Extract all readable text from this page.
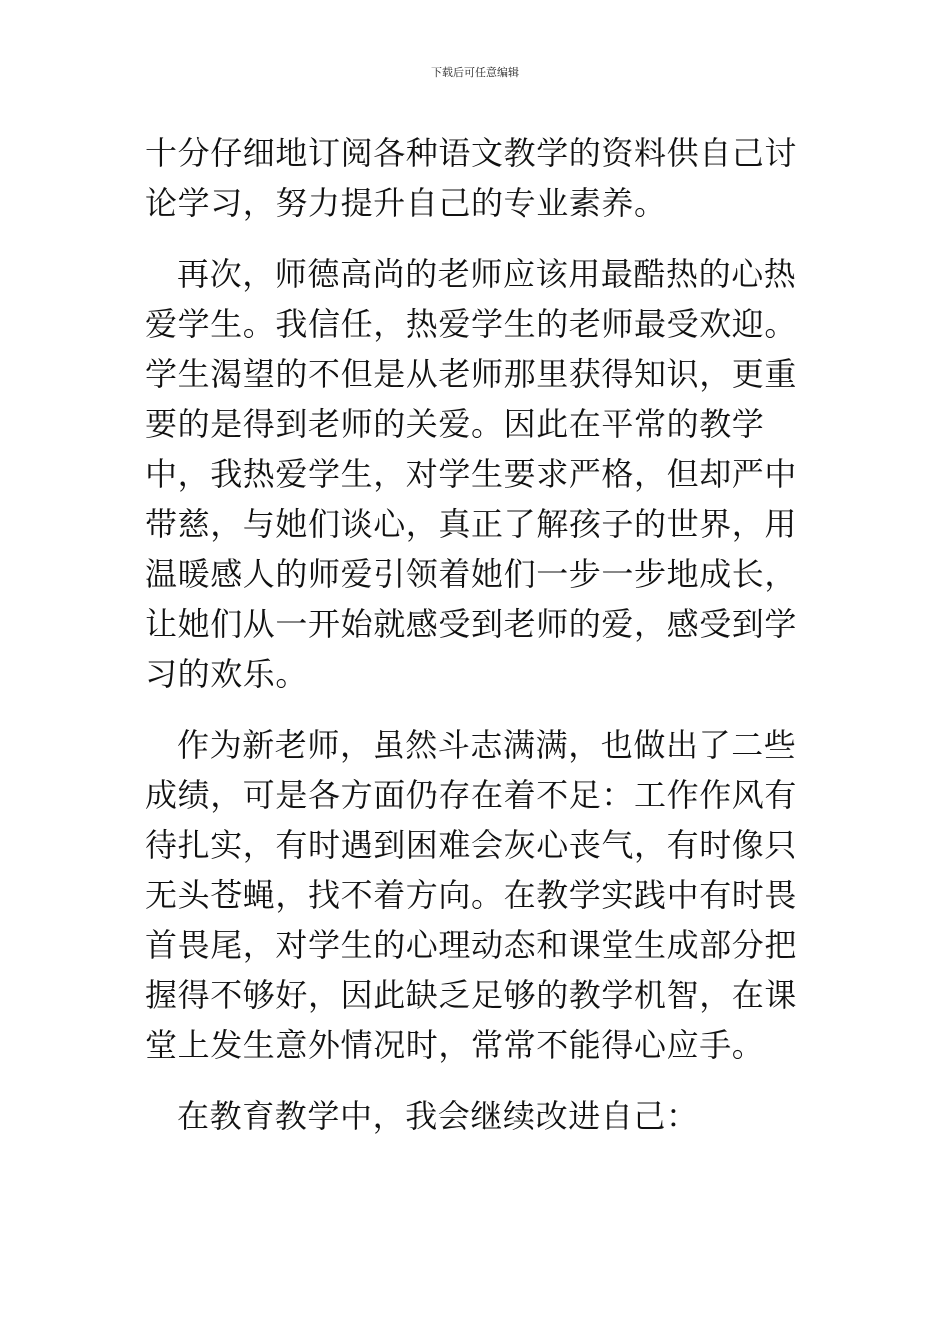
下载后可任意编辑

十分仔细地订阅各种语文教学的资料供自己讨论学习，努力提升自己的专业素养。

再次，师德高尚的老师应该用最酷热的心热爱学生。我信任，热爱学生的老师最受欢迎。学生渴望的不但是从老师那里获得知识，更重要的是得到老师的关爱。因此在平常的教学中，我热爱学生，对学生要求严格，但却严中带慈，与她们谈心，真正了解孩子的世界，用温暖感人的师爱引领着她们一步一步地成长，让她们从一开始就感受到老师的爱，感受到学习的欢乐。

作为新老师，虽然斗志满满，也做出了二些成绩，可是各方面仍存在着不足：工作作风有待扎实，有时遇到困难会灰心丧气，有时像只无头苍蝇，找不着方向。在教学实践中有时畏首畏尾，对学生的心理动态和课堂生成部分把握得不够好，因此缺乏足够的教学机智，在课堂上发生意外情况时，常常不能得心应手。

在教育教学中，我会继续改进自己：
